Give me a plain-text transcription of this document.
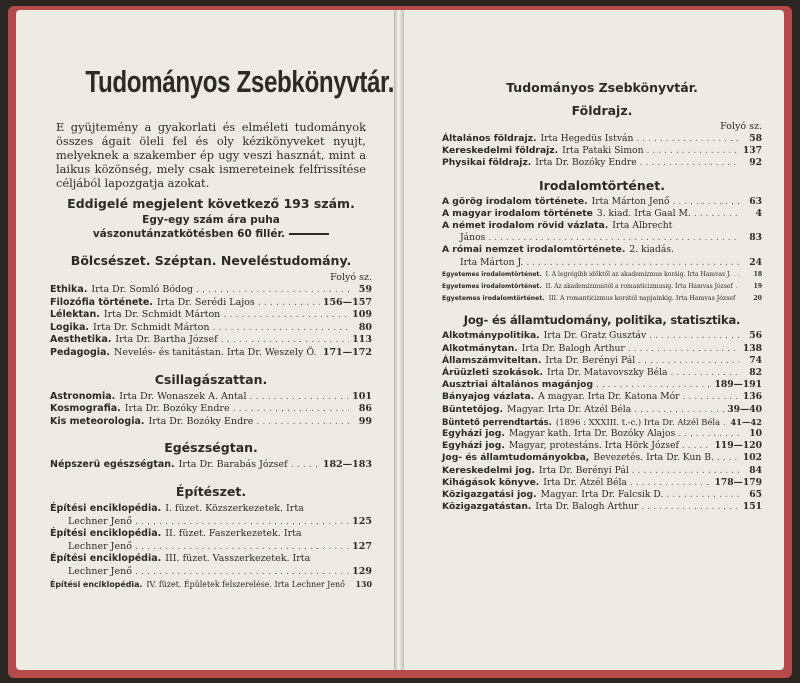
Tudományos Zsebkönyvtár.

E gyüjtemény a gyakorlati és elméleti tudományok összes ágait öleli fel és oly kézikönyveket nyujt, melyeknek a szakember ép ugy veszi hasznát, mint a laikus közönség, mely csak ismereteinek felfrissítése céljából lapozgatja azokat.

Eddigelé megjelent következő 193 szám.
Egy-egy szám ára puha vászonutánzatkötésben 60 fillér.
Bölcsészet. Széptan. Neveléstudomány.
Folyó sz.
Ethika. Irta Dr. Somló Bódog . . .	59
Filozófia története. Irta Dr. Serédi Lajos . . .	156—157
Lélektan. Irta Dr. Schmidt Márton . . .	109
Logika. Irta Dr. Schmidt Márton . . .	80
Aesthetika. Irta Dr. Bartha József . . .	113
Pedagogia. Nevelés- és tanitástan. Irta Dr. Weszely Ö. . . . 171—172
Csillagászattan.
Astronomia. Irta Dr. Wonaszek A. Antal . . .	101
Kosmografia. Irta Dr. Bozóky Endre . . .	86
Kis meteorologia. Irta Dr. Bozóky Endre . . .	99
Egészségtan.
Népszerü egészségtan. Irta Dr. Barabás József . . .	182—183
Építészet.
Építési enciklopédia. I. füzet. Közszerkezetek. Irta
Lechner Jenő . . .	125
Építési enciklopédia. II. füzet. Faszerkezetek. Irta
Lechner Jenő . . .	127
Építési enciklopédia. III. füzet. Vasszerkezetek. Irta
Lechner Jenő . . .	129
Építési enciklopédia. IV. füzet. Épületek felszerelése. Irta Lechner Jenő . . .	130
Tudományos Zsebkönyvtár.
Földrajz.
Folyó sz.
Általános földrajz. Irta Hegedüs István . . .	58
Kereskedelmi földrajz. Irta Pataki Simon . . .	137
Physikai földrajz. Irta Dr. Bozóky Endre . . .	92
Irodalomtörténet.
A görög irodalom története. Irta Márton Jenő . . .	63
A magyar irodalom története 3. kiad. Irta Gaal M. . . .	4
A német irodalom rövid vázlata. Irta Albrecht
János . . .	83
A római nemzet irodalomtörténete. 2. kiadás.
Irta Márton J. . . .	24
Egyetemes irodalomtörténet. I. A legrégibb időktől az akademizmus koráig. Irta Hamvas J. . . .	18
Egyetemes irodalomtörténet. II. Az akademizmustól a romanticizmusig. Irta Hamvas József . . .	19
Egyetemes irodalomtörténet. III. A romanticizmus korától napjainkig. Irta Hamvas József . . .	20
Jog- és államtudomány, politika, statisztika.
Alkotmánypolitika. Irta Dr. Gratz Gusztáv . . .	56
Alkotmánytan. Irta Dr. Balogh Arthur . . .	138
Államszámviteltan. Irta Dr. Berényi Pál . . .	74
Árüüzleti szokások. Irta Dr. Matavovszky Béla . . .	82
Ausztriai általános magánjog . . .	189—191
Bányajog vázlata. A magyar. Irta Dr. Katona Mór . . .	136
Büntetőjog. Magyar. Irta Dr. Atzél Béla . . .	39—40
Büntető perrendtartás. (1896 : XXXIII. t.-c.) Irta Dr. Atzél Béla . . . 41—42
Egyházi jog. Magyar kath. Irta Dr. Bozóky Alajos . . .	10
Egyházi jog. Magyar, protestáns. Irta Hörk József . . .	119—120
Jog- és államtudományokba, Bevezetés. Irta Dr. Kun B. . . .	102
Kereskedelmi jog. Irta Dr. Berényi Pál . . .	84
Kihágások könyve. Irta Dr. Atzél Béla . . .	178—179
Közigazgatási jog. Magyar. Irta Dr. Falcsik D. . . .	65
Közigazgatástan. Irta Dr. Balogh Arthur . . .	151
